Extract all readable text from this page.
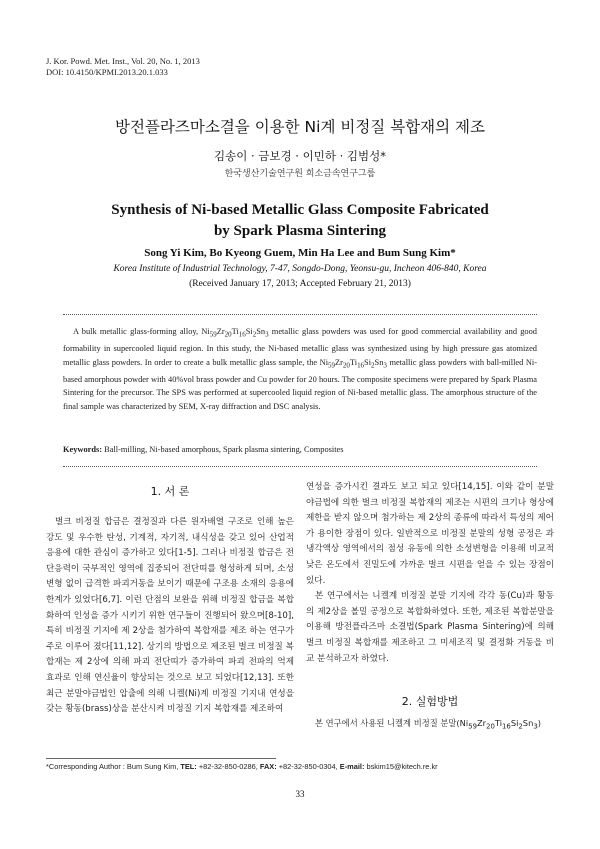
J. Kor. Powd. Met. Inst., Vol. 20, No. 1, 2013
DOI: 10.4150/KPMI.2013.20.1.033
방전플라즈마소결을 이용한 Ni계 비정질 복합재의 제조
김송이 · 금보경 · 이민하 · 김범성*
한국생산기술연구원 희소금속연구그룹
Synthesis of Ni-based Metallic Glass Composite Fabricated
by Spark Plasma Sintering
Song Yi Kim, Bo Kyeong Guem, Min Ha Lee and Bum Sung Kim*
Korea Institute of Industrial Technology, 7-47, Songdo-Dong, Yeonsu-gu, Incheon 406-840, Korea
(Received January 17, 2013; Accepted February 21, 2013)
A bulk metallic glass-forming alloy, $Ni_{59}Zr_{20}Ti_{16}Si_2Sn_3$ metallic glass powders was used for good commercial availability and good formability in supercooled liquid region. In this study, the Ni-based metallic glass was synthesized using by high pressure gas atomized metallic glass powders. In order to create a bulk metallic glass sample, the $Ni_{59}Zr_{20}Ti_{16}Si_2Sn_3$ metallic glass powders with ball-milled Ni-based amorphous powder with 40%vol brass powder and Cu powder for 20 hours. The composite specimens were prepared by Spark Plasma Sintering for the precursor. The SPS was performed at supercooled liquid region of Ni-based metallic glass. The amorphous structure of the final sample was characterized by SEM, X-ray diffraction and DSC analysis.
Keywords: Ball-milling, Ni-based amorphous, Spark plasma sintering, Composites
1. 서 론

벌크 비정질 합금은 결정질과 다른 원자배열 구조로 인해 높은 강도 및 우수한 탄성, 기계적, 자기적, 내식성을 갖고 있어 산업적 응용에 대한 관심이 증가하고 있다[1-5]. 그러나 비정질 합금은 전단응력이 국부적인 영역에 집중되어 전단띠를 형성하게 되며, 소성 변형 없이 급격한 파괴거동을 보이기 때문에 구조용 소재의 응용에 한계가 있었다[6,7]. 이런 단점의 보완을 위해 비정질 합금을 복합화하여 인성을 증가 시키기 위한 연구들이 진행되어 왔으며[8-10], 특히 비정질 기지에 제 2상을 첨가하여 복합재를 제조 하는 연구가 주로 이루어 졌다[11,12]. 상기의 방법으로 제조된 벌크 비정질 복합재는 제 2상에 의해 파괴 전단띠가 증가하여 파괴 전파의 억제 효과로 인해 연신율이 향상되는 것으로 보고 되었다[12,13]. 또한 최근 분말야금법인 압출에 의해 니켈(Ni)계 비정질 기지내 연성을 갖는 황동(brass)상을 분산시켜 비정질 기지 복합재를 제조하여

연성을 증가시킨 결과도 보고 되고 있다[14,15]. 이와 같이 분말 야금법에 의한 벌크 비정질 복합재의 제조는 시편의 크기나 형상에 제한을 받지 않으며 첨가하는 제 2상의 종류에 따라서 특성의 제어가 용이한 장점이 있다. 일반적으로 비정질 분말의 성형 공정은 과냉각액상 영역에서의 점성 유동에 의한 소성변형을 이용해 비교적 낮은 온도에서 진밀도에 가까운 벌크 시편을 얻을 수 있는 장점이 있다.

본 연구에서는 니켈계 비정질 분말 기지에 각각 동(Cu)과 황동의 제2상을 볼밀 공정으로 복합화하였다. 또한, 제조된 복합분말을 이용해 방전플라즈마 소결법(Spark Plasma Sintering)에 의해 벌크 비정질 복합재를 제조하고 그 미세조직 및 결정화 거동을 비교 분석하고자 하였다.

2. 실험방법

본 연구에서 사용된 니켈계 비정질 분말$(Ni_{59}Zr_{20}Ti_{16}Si_2Sn_3)$

*Corresponding Author : Bum Sung Kim, TEL: +82-32-850-0286, FAX: +82-32-850-0304, E-mail: bskim15@kitech.re.kr
33
